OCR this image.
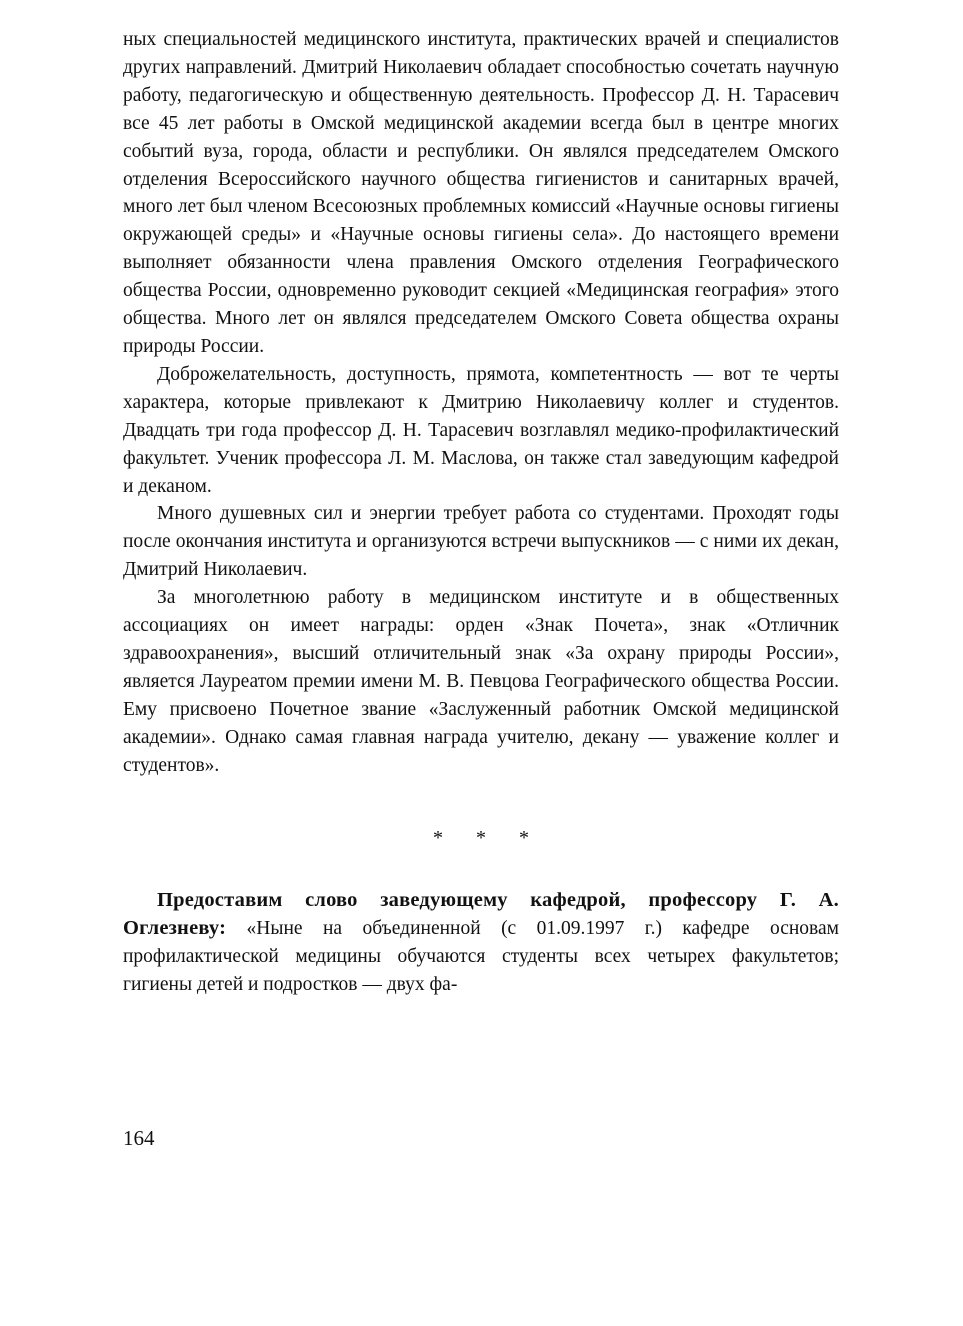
ных специальностей медицинского института, практических врачей и специалистов других направлений. Дмитрий Николаевич обладает способностью сочетать научную работу, педагогическую и общественную деятельность. Профессор Д. Н. Тарасевич все 45 лет работы в Омской медицинской академии всегда был в центре многих событий вуза, города, области и республики. Он являлся председателем Омского отделения Всероссийского научного общества гигиенистов и санитарных врачей, много лет был членом Всесоюзных проблемных комиссий «Научные основы гигиены окружающей среды» и «Научные основы гигиены села». До настоящего времени выполняет обязанности члена правления Омского отделения Географического общества России, одновременно руководит секцией «Медицинская география» этого общества. Много лет он являлся председателем Омского Совета общества охраны природы России.

Доброжелательность, доступность, прямота, компетентность — вот те черты характера, которые привлекают к Дмитрию Николаевичу коллег и студентов. Двадцать три года профессор Д. Н. Тарасевич возглавлял медико-профилактический факультет. Ученик профессора Л. М. Маслова, он также стал заведующим кафедрой и деканом.

Много душевных сил и энергии требует работа со студентами. Проходят годы после окончания института и организуются встречи выпускников — с ними их декан, Дмитрий Николаевич.

За многолетнюю работу в медицинском институте и в общественных ассоциациях он имеет награды: орден «Знак Почета», знак «Отличник здравоохранения», высший отличительный знак «За охрану природы России», является Лауреатом премии имени М. В. Певцова Географического общества России. Ему присвоено Почетное звание «Заслуженный работник Омской медицинской академии». Однако самая главная награда учителю, декану — уважение коллег и студентов».

* * *

Предоставим слово заведующему кафедрой, профессору Г. А. Оглезневу: «Ныне на объединенной (с 01.09.1997 г.) кафедре основам профилактической медицины обучаются студенты всех четырех факультетов; гигиены детей и подростков — двух фа-

164
